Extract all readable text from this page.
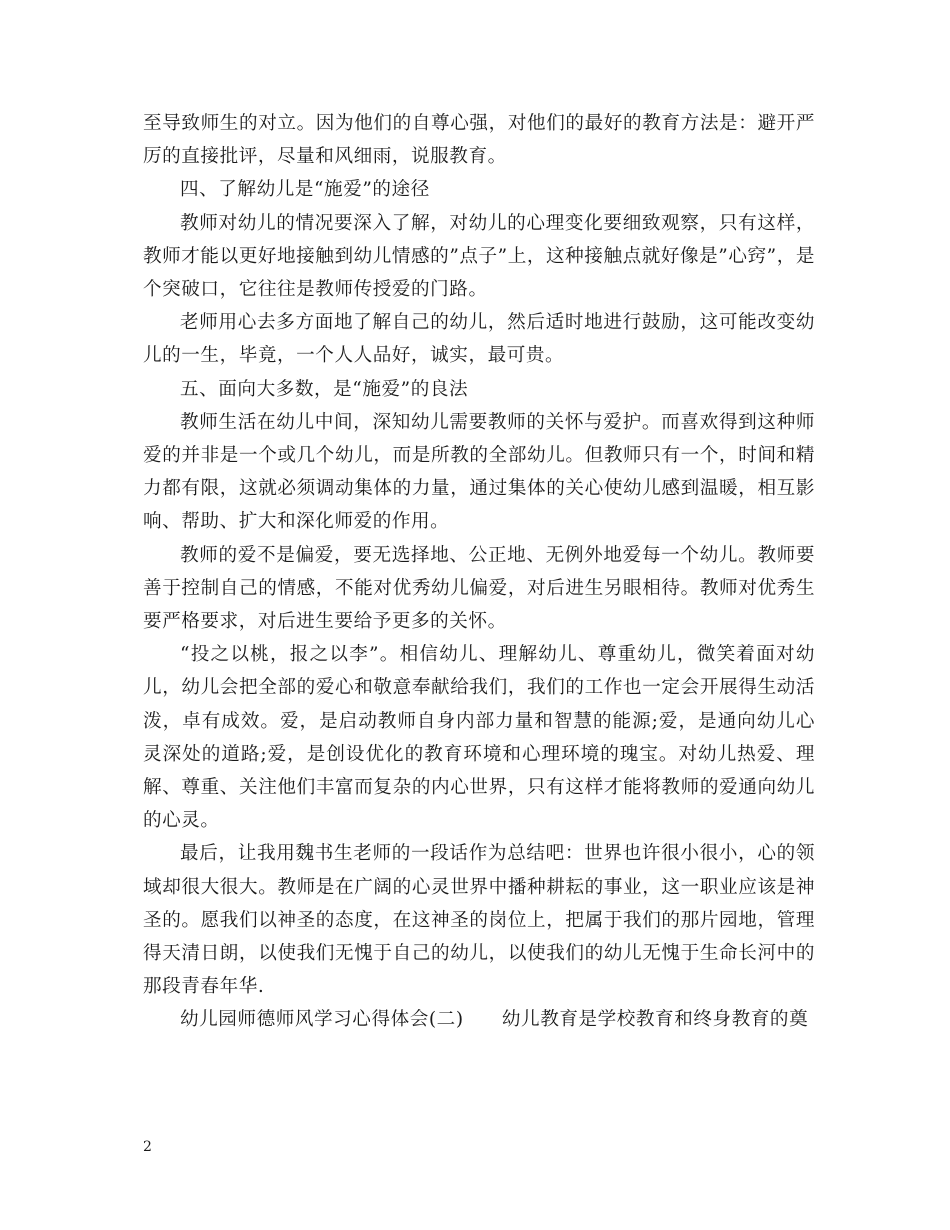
至导致师生的对立。因为他们的自尊心强，对他们的最好的教育方法是：避开严厉的直接批评，尽量和风细雨，说服教育。

四、了解幼儿是“施爱”的途径

教师对幼儿的情况要深入了解，对幼儿的心理变化要细致观察，只有这样，教师才能以更好地接触到幼儿情感的”点子”上，这种接触点就好像是”心窍”，是个突破口，它往往是教师传授爱的门路。

老师用心去多方面地了解自己的幼儿，然后适时地进行鼓励，这可能改变幼儿的一生，毕竟，一个人人品好，诚实，最可贵。

五、面向大多数，是“施爱”的良法

教师生活在幼儿中间，深知幼儿需要教师的关怀与爱护。而喜欢得到这种师爱的并非是一个或几个幼儿，而是所教的全部幼儿。但教师只有一个，时间和精力都有限，这就必须调动集体的力量，通过集体的关心使幼儿感到温暖，相互影响、帮助、扩大和深化师爱的作用。

教师的爱不是偏爱，要无选择地、公正地、无例外地爱每一个幼儿。教师要善于控制自己的情感，不能对优秀幼儿偏爱，对后进生另眼相待。教师对优秀生要严格要求，对后进生要给予更多的关怀。

“投之以桃，报之以李”。相信幼儿、理解幼儿、尊重幼儿，微笑着面对幼儿，幼儿会把全部的爱心和敬意奉献给我们，我们的工作也一定会开展得生动活泼，卓有成效。爱，是启动教师自身内部力量和智慧的能源;爱，是通向幼儿心灵深处的道路;爱，是创设优化的教育环境和心理环境的瑰宝。对幼儿热爱、理解、尊重、关注他们丰富而复杂的内心世界，只有这样才能将教师的爱通向幼儿的心灵。

最后，让我用魏书生老师的一段话作为总结吧：世界也许很小很小，心的领域却很大很大。教师是在广阔的心灵世界中播种耕耘的事业，这一职业应该是神圣的。愿我们以神圣的态度，在这神圣的岗位上，把属于我们的那片园地，管理得天清日朗，以使我们无愧于自己的幼儿，以使我们的幼儿无愧于生命长河中的那段青春年华.

幼儿园师德师风学习心得体会(二)　　幼儿教育是学校教育和终身教育的奠

2
